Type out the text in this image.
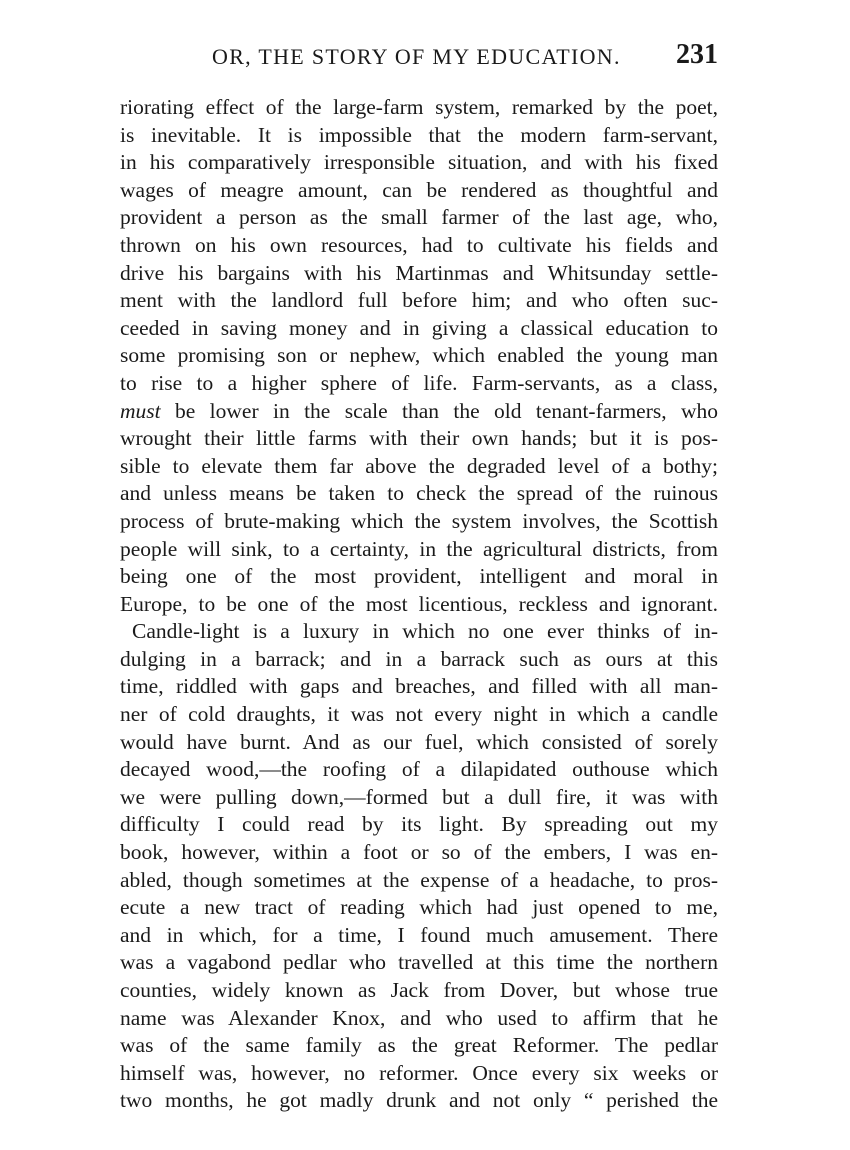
OR, THE STORY OF MY EDUCATION. 231
riorating effect of the large-farm system, remarked by the poet,
is inevitable. It is impossible that the modern farm-servant,
in his comparatively irresponsible situation, and with his fixed
wages of meagre amount, can be rendered as thoughtful and
provident a person as the small farmer of the last age, who,
thrown on his own resources, had to cultivate his fields and
drive his bargains with his Martinmas and Whitsunday settle-
ment with the landlord full before him; and who often suc-
ceeded in saving money and in giving a classical education to
some promising son or nephew, which enabled the young man
to rise to a higher sphere of life. Farm-servants, as a class,
must be lower in the scale than the old tenant-farmers, who
wrought their little farms with their own hands; but it is pos-
sible to elevate them far above the degraded level of a bothy;
and unless means be taken to check the spread of the ruinous
process of brute-making which the system involves, the Scottish
people will sink, to a certainty, in the agricultural districts, from
being one of the most provident, intelligent and moral in
Europe, to be one of the most licentious, reckless and ignorant.
Candle-light is a luxury in which no one ever thinks of in-
dulging in a barrack; and in a barrack such as ours at this
time, riddled with gaps and breaches, and filled with all man-
ner of cold draughts, it was not every night in which a candle
would have burnt. And as our fuel, which consisted of sorely
decayed wood,—the roofing of a dilapidated outhouse which
we were pulling down,—formed but a dull fire, it was with
difficulty I could read by its light. By spreading out my
book, however, within a foot or so of the embers, I was en-
abled, though sometimes at the expense of a headache, to pros-
ecute a new tract of reading which had just opened to me,
and in which, for a time, I found much amusement. There
was a vagabond pedlar who travelled at this time the northern
counties, widely known as Jack from Dover, but whose true
name was Alexander Knox, and who used to affirm that he
was of the same family as the great Reformer. The pedlar
himself was, however, no reformer. Once every six weeks or
two months, he got madly drunk and not only “ perished the
